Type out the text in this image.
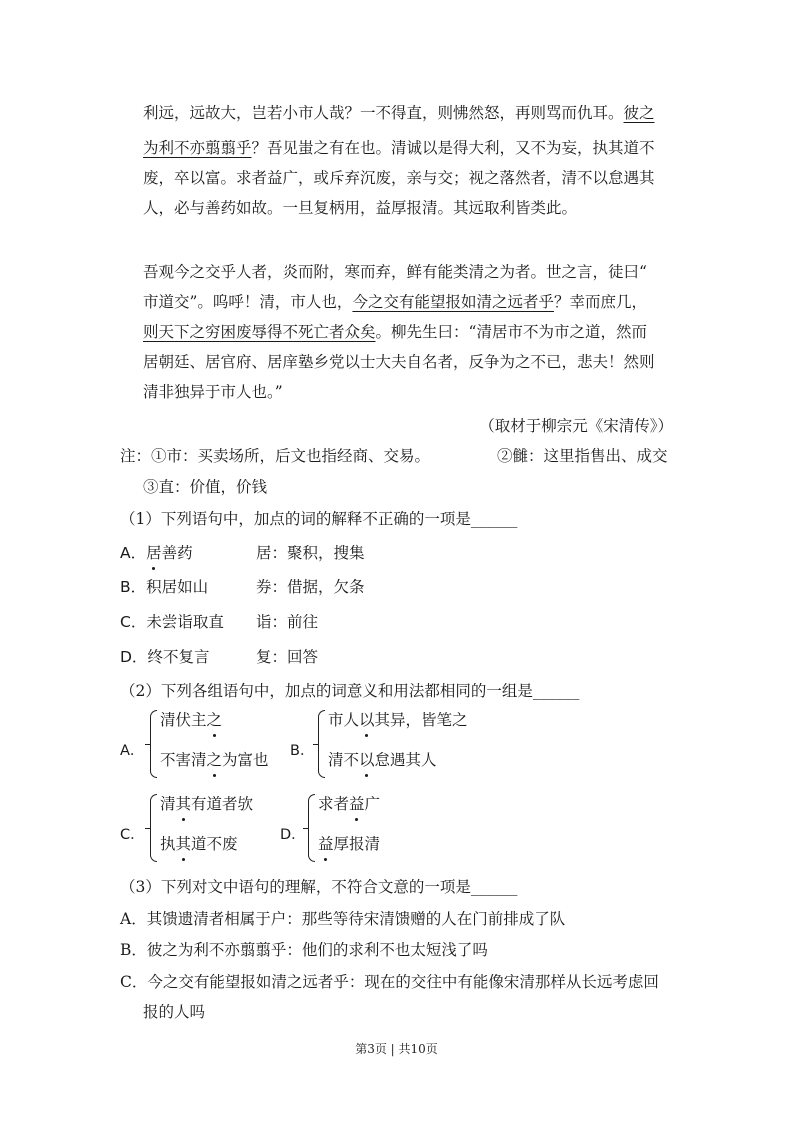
利远，远故大，岂若小市人哉？一不得直，则怫然怒，再则骂而仇耳。彼之
为利不亦翦翦乎？吾见蚩之有在也。清诚以是得大利，又不为妄，执其道不
废，卒以富。求者益广，或斥弃沉废，亲与交；视之落然者，清不以怠遇其
人，必与善药如故。一旦复柄用，益厚报清。其远取利皆类此。
吾观今之交乎人者，炎而附，寒而弃，鲜有能类清之为者。世之言，徒曰“
市道交”。呜呼！清，市人也，今之交有能望报如清之远者乎？幸而庶几，
则天下之穷困废辱得不死亡者众矣。柳先生曰：“清居市不为市之道，然而
居朝廷、居官府、居庠塾乡党以士大夫自名者，反争为之不已，悲夫！然则
清非独异于市人也。”
（取材于柳宗元《宋清传》）
注：①市：买卖场所，后文也指经商、交易。	②雠：这里指售出、成交
③直：价值，价钱
（1）下列语句中，加点的词的解释不正确的一项是______
A．居善药	居：聚积，搜集
B．积居如山	券：借据，欠条
C．未尝诣取直 诣：前往
D．终不复言	复：回答
（2）下列各组语句中，加点的词意义和用法都相同的一组是______
A．
清伏主之
不害清之为富也 B．
市人以其异，皆笔之
清不以怠遇其人
C．
清其有道者欤
执其道不废	D．
求者益广
益厚报清
（3）下列对文中语句的理解，不符合文意的一项是______
A．其馈遗清者相属于户：那些等待宋清馈赠的人在门前排成了队
B．彼之为利不亦翦翦乎：他们的求利不也太短浅了吗
C．今之交有能望报如清之远者乎：现在的交往中有能像宋清那样从长远考虑回
报的人吗
第3页 | 共10页
